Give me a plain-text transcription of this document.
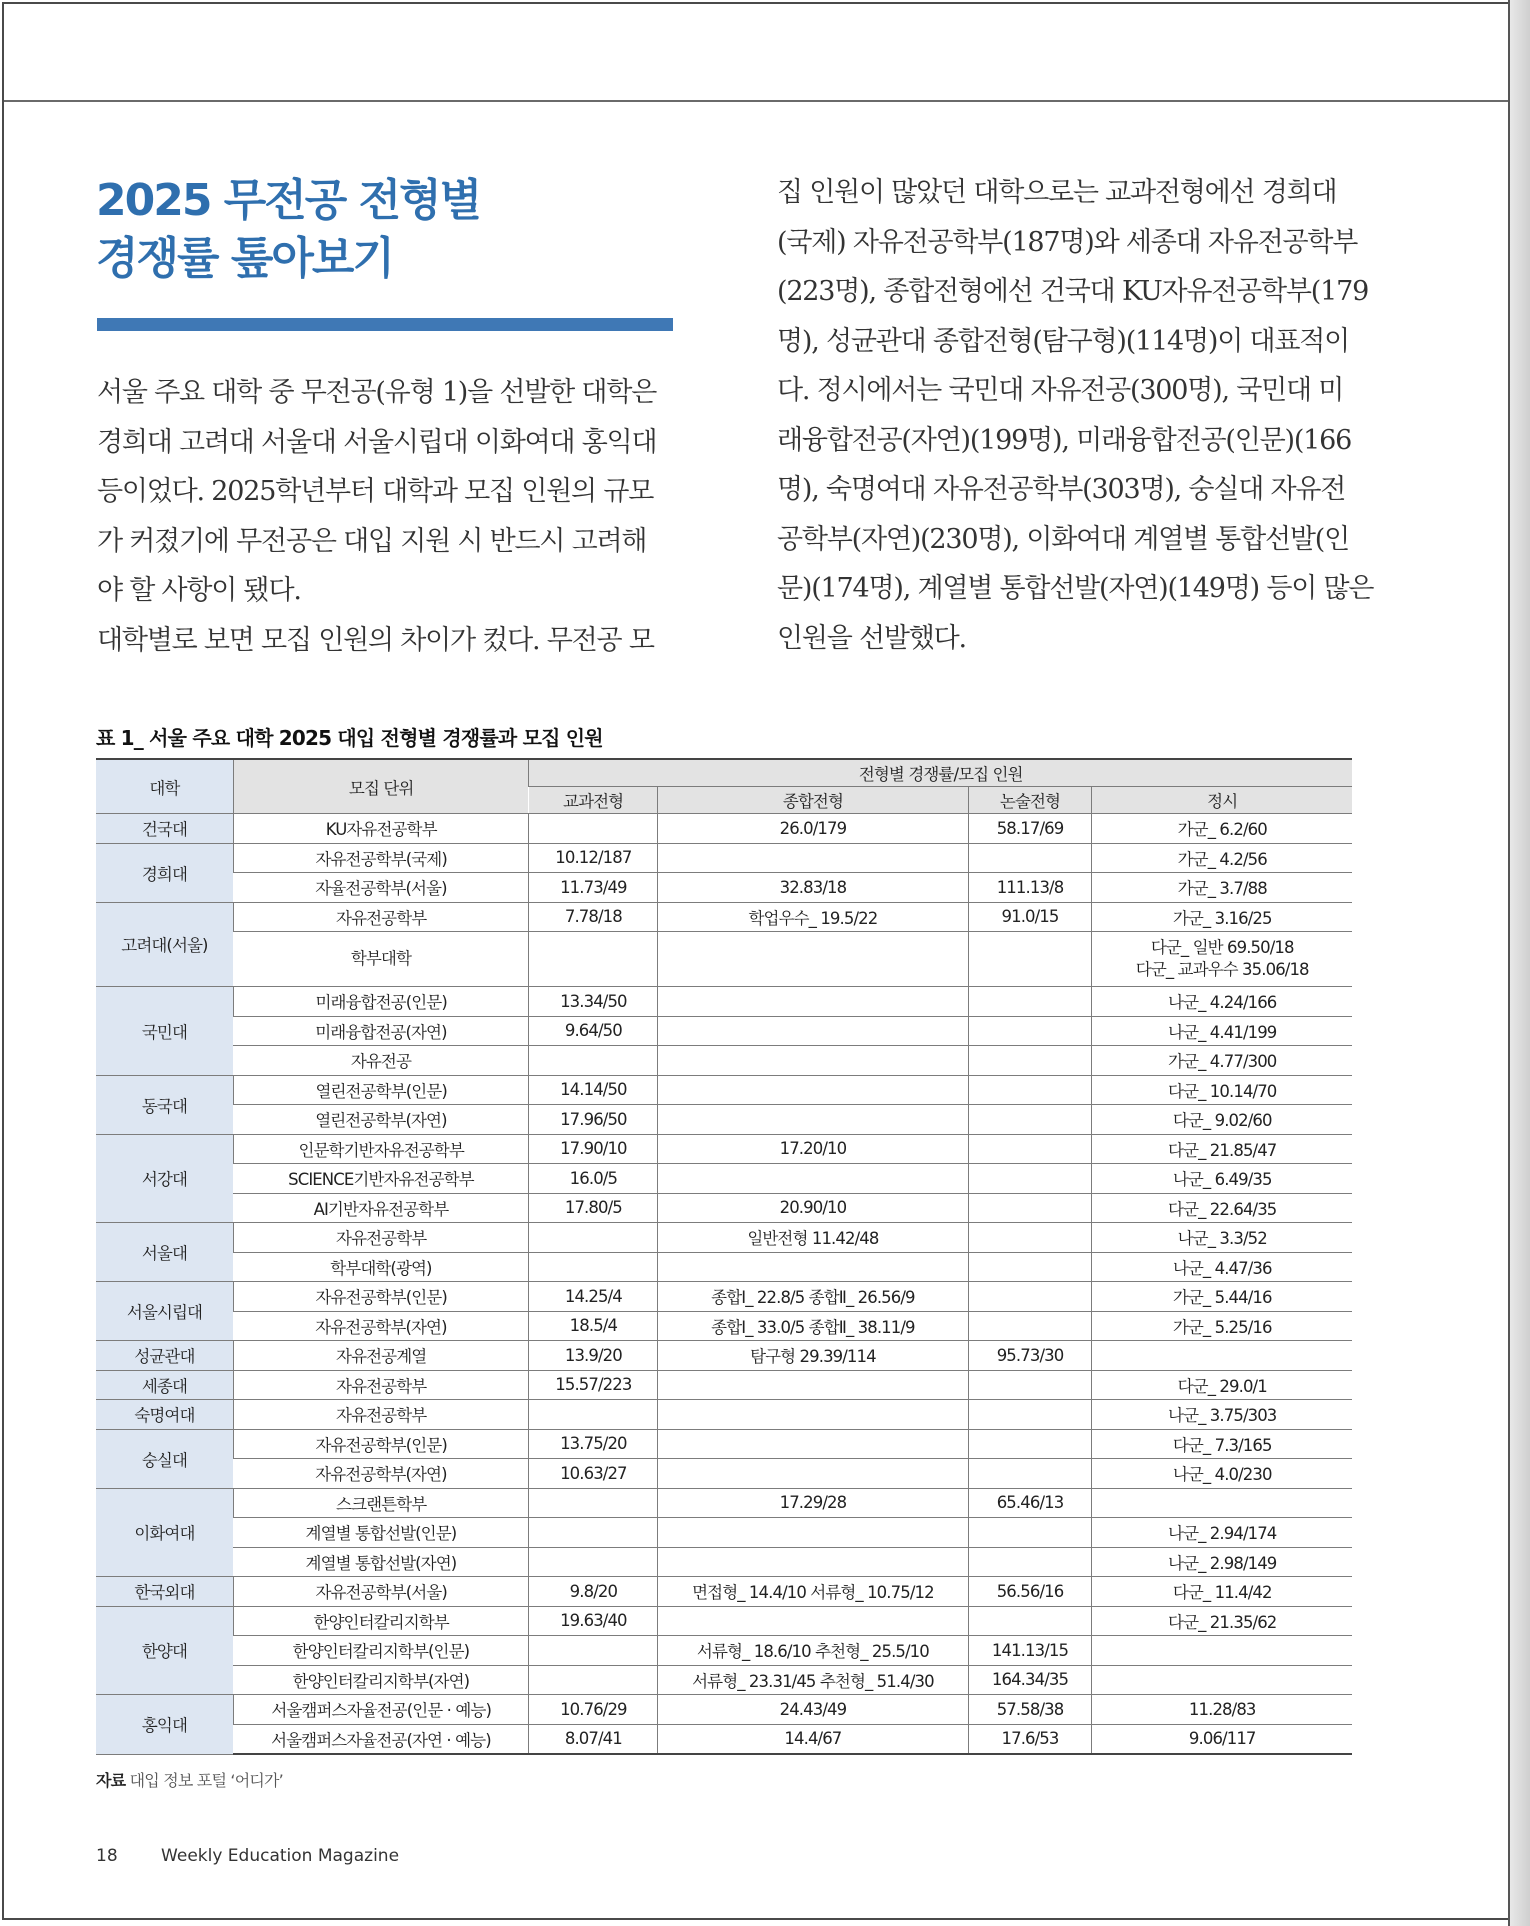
2025 무전공 전형별
경쟁률 톺아보기

서울 주요 대학 중 무전공(유형 1)을 선발한 대학은

경희대 고려대 서울대 서울시립대 이화여대 홍익대

등이었다. 2025학년부터 대학과 모집 인원의 규모

가 커졌기에 무전공은 대입 지원 시 반드시 고려해

야 할 사항이 됐다.

대학별로 보면 모집 인원의 차이가 컸다. 무전공 모

집 인원이 많았던 대학으로는 교과전형에선 경희대

(국제) 자유전공학부(187명)와 세종대 자유전공학부

(223명), 종합전형에선 건국대 KU자유전공학부(179

명), 성균관대 종합전형(탐구형)(114명)이 대표적이

다. 정시에서는 국민대 자유전공(300명), 국민대 미

래융합전공(자연)(199명), 미래융합전공(인문)(166

명), 숙명여대 자유전공학부(303명), 숭실대 자유전

공학부(자연)(230명), 이화여대 계열별 통합선발(인

문)(174명), 계열별 통합선발(자연)(149명) 등이 많은

인원을 선발했다.

표 1_ 서울 주요 대학 2025 대입 전형별 경쟁률과 모집 인원
대학	모집 단위	전형별 경쟁률/모집 인원			
		교과전형	종합전형	논술전형	정시
건국대	KU자유전공학부		26.0/179	58.17/69	가군_ 6.2/60
경희대	자유전공학부(국제)	10.12/187			가군_ 4.2/56
	자율전공학부(서울)	11.73/49	32.83/18	111.13/8	가군_ 3.7/88
고려대(서울)	자유전공학부	7.78/18	학업우수_ 19.5/22	91.0/15	가군_ 3.16/25
	학부대학				다군_ 일반 69.50/18
다군_ 교과우수 35.06/18

국민대	미래융합전공(인문)	13.34/50			나군_ 4.24/166
	미래융합전공(자연)	9.64/50			나군_ 4.41/199
	자유전공				가군_ 4.77/300
동국대	열린전공학부(인문)	14.14/50			다군_ 10.14/70
	열린전공학부(자연)	17.96/50			다군_ 9.02/60
서강대	인문학기반자유전공학부	17.90/10	17.20/10		다군_ 21.85/47
	SCIENCE기반자유전공학부	16.0/5			나군_ 6.49/35
	AI기반자유전공학부	17.80/5	20.90/10		다군_ 22.64/35
서울대	자유전공학부		일반전형 11.42/48		나군_ 3.3/52
	학부대학(광역)				나군_ 4.47/36
서울시립대	자유전공학부(인문)	14.25/4	종합Ⅰ_ 22.8/5 종합Ⅱ_ 26.56/9		가군_ 5.44/16
	자유전공학부(자연)	18.5/4	종합Ⅰ_ 33.0/5 종합Ⅱ_ 38.11/9		가군_ 5.25/16
성균관대	자유전공계열	13.9/20	탐구형 29.39/114	95.73/30	
세종대	자유전공학부	15.57/223			다군_ 29.0/1
숙명여대	자유전공학부				나군_ 3.75/303
숭실대	자유전공학부(인문)	13.75/20			다군_ 7.3/165
	자유전공학부(자연)	10.63/27			나군_ 4.0/230
이화여대	스크랜튼학부		17.29/28	65.46/13	
	계열별 통합선발(인문)				나군_ 2.94/174
	계열별 통합선발(자연)				나군_ 2.98/149
한국외대	자유전공학부(서울)	9.8/20	면접형_ 14.4/10 서류형_ 10.75/12	56.56/16	다군_ 11.4/42
한양대	한양인터칼리지학부	19.63/40			다군_ 21.35/62
	한양인터칼리지학부(인문)		서류형_ 18.6/10 추천형_ 25.5/10	141.13/15	
	한양인터칼리지학부(자연)		서류형_ 23.31/45 추천형_ 51.4/30	164.34/35	
홍익대	서울캠퍼스자율전공(인문 · 예능)	10.76/29	24.43/49	57.58/38	11.28/83
	서울캠퍼스자율전공(자연 · 예능)	8.07/41	14.4/67	17.6/53	9.06/117
자료 대입 정보 포털 ‘어디가’
18	Weekly Education Magazine
